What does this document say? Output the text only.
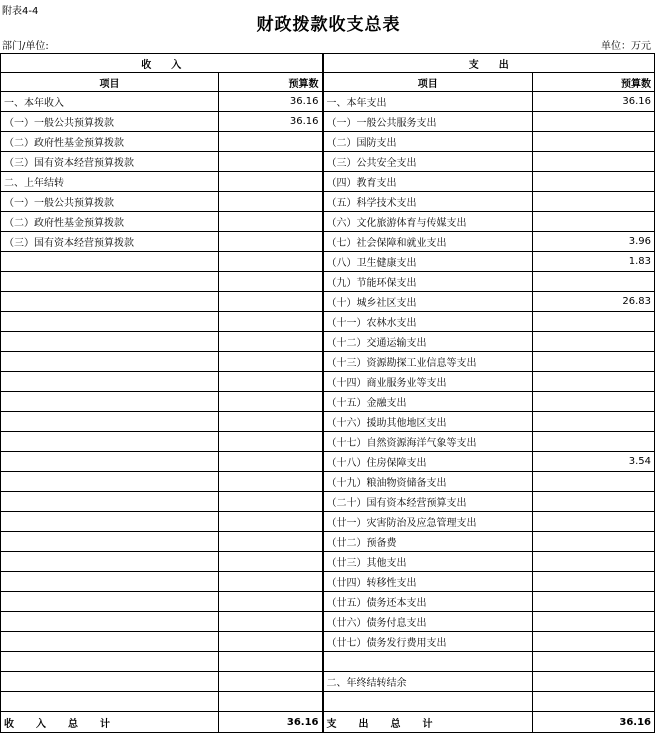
附表4-4
财政拨款收支总表
部门/单位:	单位：万元
收　　入		支　　出	
项目	预算数	项目	预算数
一、本年收入	36.16	一、本年支出	36.16
（一）一般公共预算拨款	36.16	（一）一般公共服务支出	
（二）政府性基金预算拨款		（二）国防支出	
（三）国有资本经营预算拨款		（三）公共安全支出	
二、上年结转		（四）教育支出	
（一）一般公共预算拨款		（五）科学技术支出	
（二）政府性基金预算拨款		（六）文化旅游体育与传媒支出	
（三）国有资本经营预算拨款		（七）社会保障和就业支出	3.96
		（八）卫生健康支出	1.83
		（九）节能环保支出	
		（十）城乡社区支出	26.83
		（十一）农林水支出	
		（十二）交通运输支出	
		（十三）资源勘探工业信息等支出	
		（十四）商业服务业等支出	
		（十五）金融支出	
		（十六）援助其他地区支出	
		（十七）自然资源海洋气象等支出	
		（十八）住房保障支出	3.54
		（十九）粮油物资储备支出	
		（二十）国有资本经营预算支出	
		（廿一）灾害防治及应急管理支出	
		（廿二）预备费	
		（廿三）其他支出	
		（廿四）转移性支出	
		（廿五）债务还本支出	
		（廿六）债务付息支出	
		（廿七）债务发行费用支出	

		二、年终结转结余	

收入总计	36.16	支出总计	36.16
